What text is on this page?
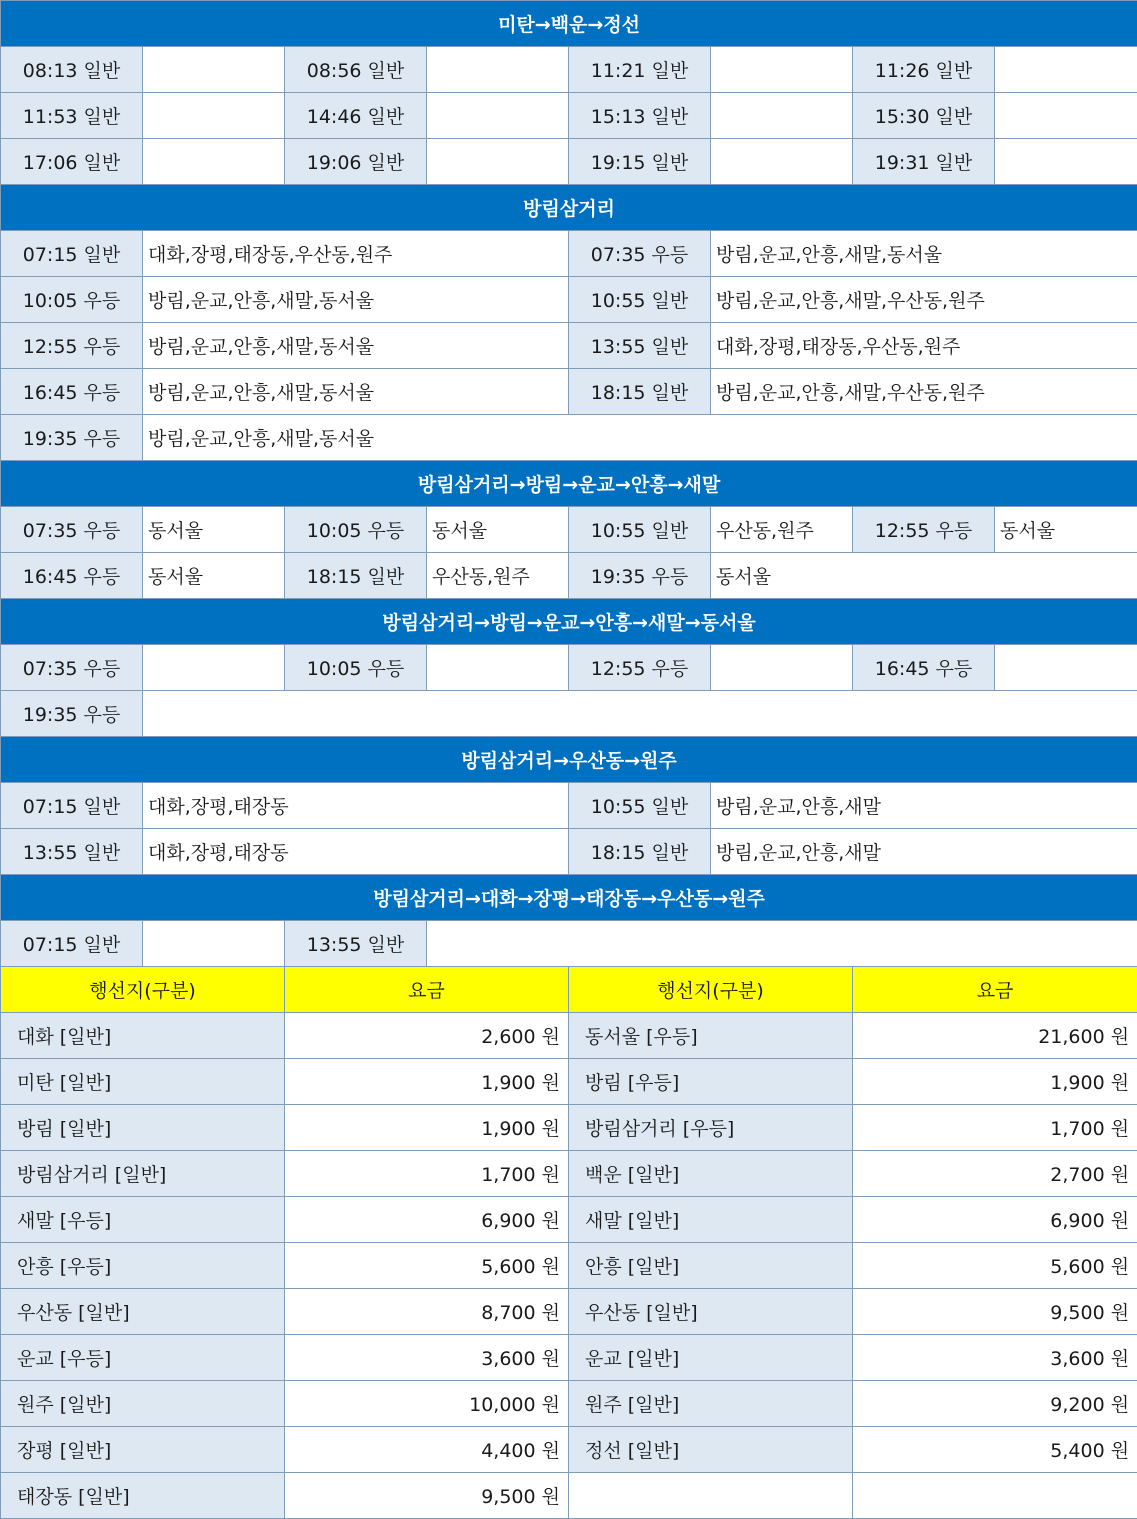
미탄→백운→정선							
08:13 일반		08:56 일반		11:21 일반		11:26 일반	
11:53 일반		14:46 일반		15:13 일반		15:30 일반	
17:06 일반		19:06 일반		19:15 일반		19:31 일반	
방림삼거리							
07:15 일반	대화,장평,태장동,우산동,원주			07:35 우등	방림,운교,안흥,새말,동서울		
10:05 우등	방림,운교,안흥,새말,동서울			10:55 일반	방림,운교,안흥,새말,우산동,원주		
12:55 우등	방림,운교,안흥,새말,동서울			13:55 일반	대화,장평,태장동,우산동,원주		
16:45 우등	방림,운교,안흥,새말,동서울			18:15 일반	방림,운교,안흥,새말,우산동,원주		
19:35 우등	방림,운교,안흥,새말,동서울						
방림삼거리→방림→운교→안흥→새말							
07:35 우등	동서울	10:05 우등	동서울	10:55 일반	우산동,원주	12:55 우등	동서울
16:45 우등	동서울	18:15 일반	우산동,원주	19:35 우등	동서울		
방림삼거리→방림→운교→안흥→새말→동서울							
07:35 우등		10:05 우등		12:55 우등		16:45 우등	
19:35 우등							
방림삼거리→우산동→원주							
07:15 일반	대화,장평,태장동			10:55 일반	방림,운교,안흥,새말		
13:55 일반	대화,장평,태장동			18:15 일반	방림,운교,안흥,새말		
방림삼거리→대화→장평→태장동→우산동→원주							
07:15 일반		13:55 일반					
행선지(구분)		요금		행선지(구분)		요금	
대화 [일반]		2,600 원		동서울 [우등]		21,600 원	
미탄 [일반]		1,900 원		방림 [우등]		1,900 원	
방림 [일반]		1,900 원		방림삼거리 [우등]		1,700 원	
방림삼거리 [일반]		1,700 원		백운 [일반]		2,700 원	
새말 [우등]		6,900 원		새말 [일반]		6,900 원	
안흥 [우등]		5,600 원		안흥 [일반]		5,600 원	
우산동 [일반]		8,700 원		우산동 [일반]		9,500 원	
운교 [우등]		3,600 원		운교 [일반]		3,600 원	
원주 [일반]		10,000 원		원주 [일반]		9,200 원	
장평 [일반]		4,400 원		정선 [일반]		5,400 원	
태장동 [일반]		9,500 원					
